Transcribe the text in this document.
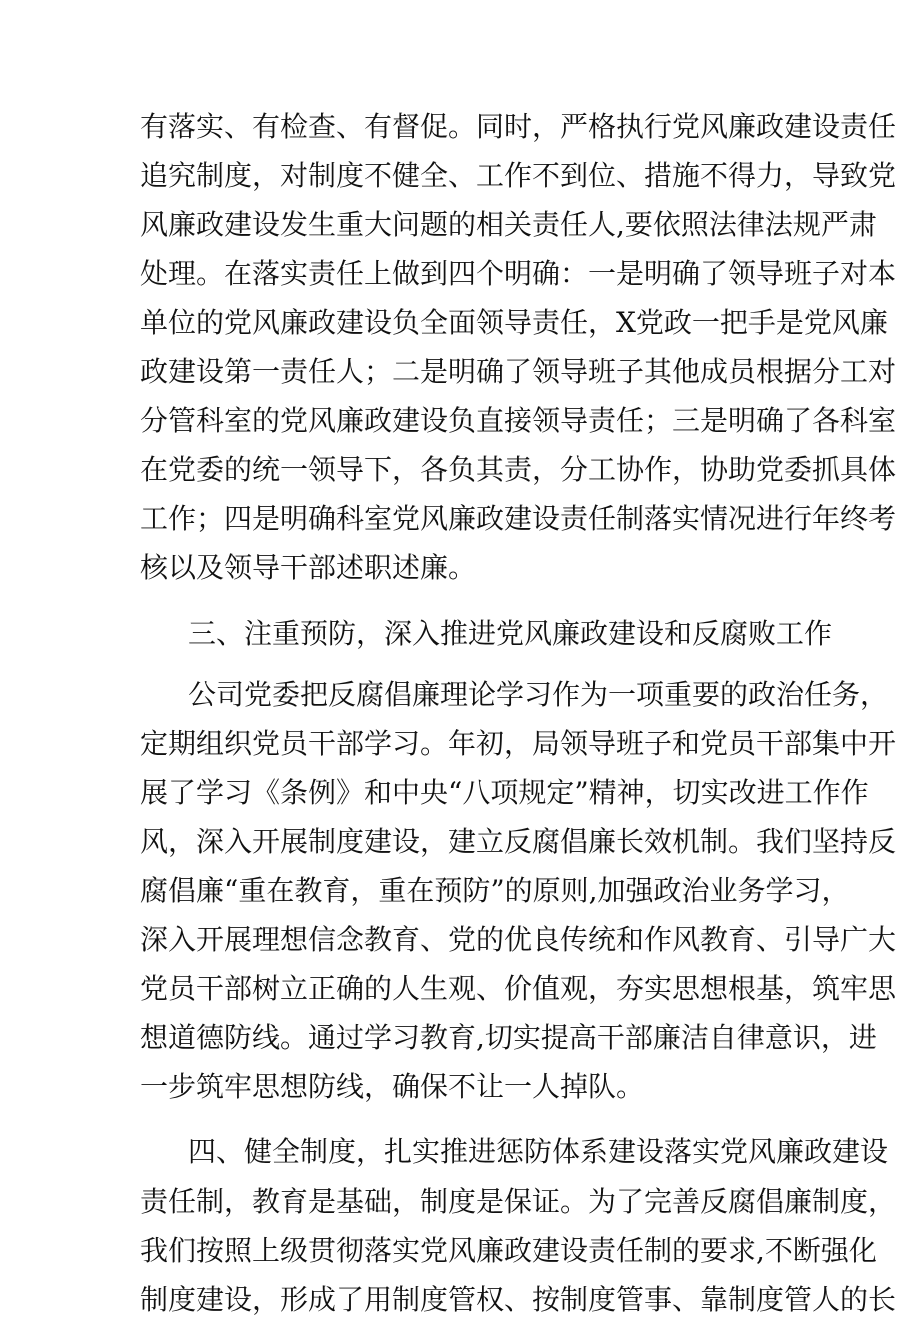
有落实、有检查、有督促。同时，严格执行党风廉政建设责任
追究制度，对制度不健全、工作不到位、措施不得力，导致党
风廉政建设发生重大问题的相关责任人,要依照法律法规严肃
处理。在落实责任上做到四个明确：一是明确了领导班子对本
单位的党风廉政建设负全面领导责任，X党政一把手是党风廉
政建设第一责任人；二是明确了领导班子其他成员根据分工对
分管科室的党风廉政建设负直接领导责任；三是明确了各科室
在党委的统一领导下，各负其责，分工协作，协助党委抓具体
工作；四是明确科室党风廉政建设责任制落实情况进行年终考
核以及领导干部述职述廉。
三、注重预防，深入推进党风廉政建设和反腐败工作
公司党委把反腐倡廉理论学习作为一项重要的政治任务，
定期组织党员干部学习。年初，局领导班子和党员干部集中开
展了学习《条例》和中央“八项规定”精神，切实改进工作作
风，深入开展制度建设，建立反腐倡廉长效机制。我们坚持反
腐倡廉“重在教育，重在预防”的原则,加强政治业务学习，
深入开展理想信念教育、党的优良传统和作风教育、引导广大
党员干部树立正确的人生观、价值观，夯实思想根基，筑牢思
想道德防线。通过学习教育,切实提高干部廉洁自律意识，进
一步筑牢思想防线，确保不让一人掉队。
四、健全制度，扎实推进惩防体系建设落实党风廉政建设
责任制，教育是基础，制度是保证。为了完善反腐倡廉制度，
我们按照上级贯彻落实党风廉政建设责任制的要求,不断强化
制度建设，形成了用制度管权、按制度管事、靠制度管人的长
